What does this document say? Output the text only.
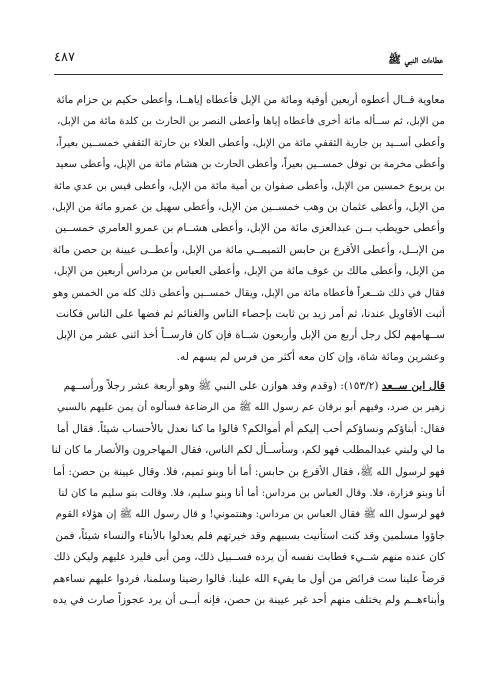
عطاءات النبي ﷺ
٤٨٧
معاوية قــال أعطوه أربعين أوقية ومائة من الإبل فأعطاه إياهــا، وأعطى حكيم بن حزام مائة
من الإبل، ثم ســأله مائة أخرى فأعطاه إياها وأعطى النصر بن الحارث بن كلدة مائة من الإبل،
وأعطى أســيد بن جارية الثقفي مائة من الإبل، وأعطى العلاء بن حارثة الثقفي خمســين بعيراً،
وأعطى مخرمة بن نوفل خمســين بعيراً، وأعطى الحارث بن هشام مائة من الإبل، وأعطى سعيد
بن يربوع خمسين من الإبل، وأعطى صفوان بن أمية مائة من الإبل، وأعطى قيس بن عدي مائة
من الإبل، وأعطى عثمان بن وهب خمســين من الإبل، وأعطى سهيل بن عمرو مائة من الإبل،
وأعطى حويطب بــن عبدالعزى مائة من الإبل، وأعطى هشــام بن عمرو العامري خمســين
من الإبــل، وأعطى الأقرع بن حابس التميمــي مائة من الإبل، وأعطــى عيينة بن حصن مائة
من الإبل، وأعطى مالك بن عوف مائة من الإبل، وأعطى العباس بن مرداس أربعين من الإبل،
فقال في ذلك شــعراً فأعطاه مائة من الإبل، ويقال خمســين وأعطى ذلك كله من الخمس وهو
أثبت الأقاويل عندنا، ثم أمر زيد بن ثابت بإحصاء الناس والغنائم ثم فضها على الناس فكانت
ســهامهم لكل رجل أربع من الإبل وأربعون شــاة فإن كان فارســاً أخذ اثنى عشر من الإبل
وعشرين ومائة شاة، وإن كان معه أكثر من فرس لم يسهم له.
قال ابن ســعد (١٥٣/٢): (وقدم وفد هوازن على النبي ﷺ وهو أربعة عشر رجلاً ورأســهم
زهير بن صرد، وفيهم أبو برقان عم رسول الله ﷺ من الرضاعة فسألوه أن يمن عليهم بالسبي
فقال: أبناؤكم ونساؤكم أحب إليكم أم أموالكم؟ قالوا ما كنا نعدل بالأحساب شيئاً. فقال أما
ما لي ولبني عبدالمطلب فهو لكم، وسأســأل لكم الناس، فقال المهاجرون والأنصار ما كان لنا
فهو لرسول الله ﷺ، فقال الأقرع بن حابس: أما أنا وبنو تميم، فلا. وقال عيينة بن حصن: أما
أنا وبنو فزارة، فلا. وقال العباس بن مرداس: أما أنا وبنو سليم، فلا. وقالت بنو سليم ما كان لنا
فهو لرسول الله ﷺ فقال العباس بن مرداس: وهنتموني! و قال رسول الله ﷺ إن هؤلاء القوم
جاؤوا مسلمين وقد كنت استأنيت بسبيهم وقد خيرتهم فلم يعدلوا بالأبناء والنساء شيئاً، فمن
كان عنده منهم شــيء فطابت نفسه أن يرده فســبيل ذلك، ومن أبى فليرد عليهم وليكن ذلك
قرضاً علينا ست فرائض من أول ما يفيء الله علينا. قالوا رضينا وسلمنا، فردوا عليهم نساءهم
وأبناءهــم ولم يختلف منهم أحد غير عيينة بن حصن، فإنه أبــى أن يرد عجوزاً صارت في يده
